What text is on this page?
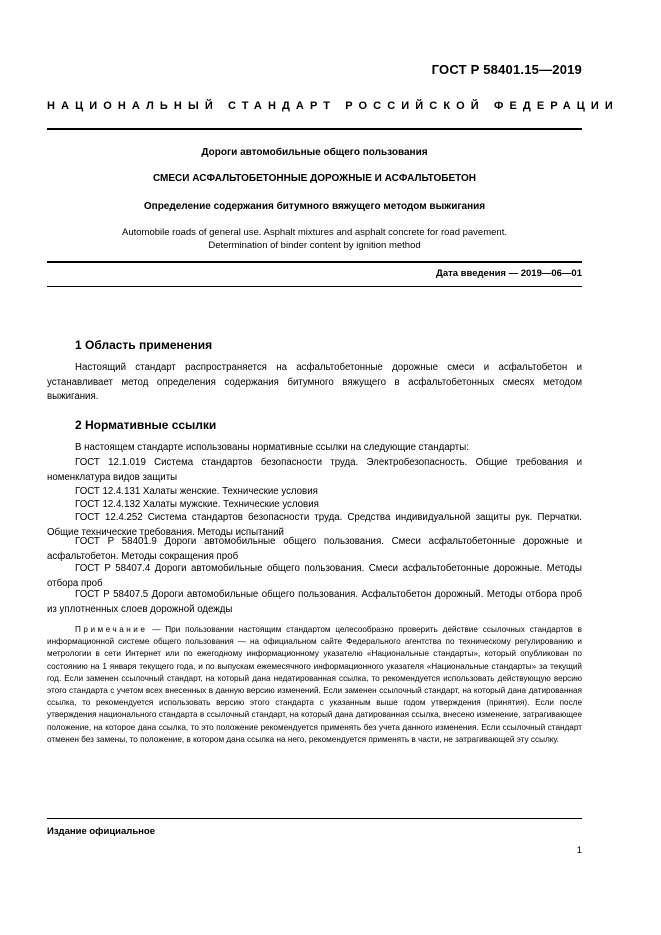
ГОСТ Р 58401.15—2019
НАЦИОНАЛЬНЫЙ СТАНДАРТ РОССИЙСКОЙ ФЕДЕРАЦИИ
Дороги автомобильные общего пользования
СМЕСИ АСФАЛЬТОБЕТОННЫЕ ДОРОЖНЫЕ И АСФАЛЬТОБЕТОН
Определение содержания битумного вяжущего методом выжигания
Automobile roads of general use. Asphalt mixtures and asphalt concrete for road pavement.
Determination of binder content by ignition method
Дата введения — 2019—06—01
1 Область применения
Настоящий стандарт распространяется на асфальтобетонные дорожные смеси и асфальтобетон и устанавливает метод определения содержания битумного вяжущего в асфальтобетонных смесях методом выжигания.
2 Нормативные ссылки
В настоящем стандарте использованы нормативные ссылки на следующие стандарты:
ГОСТ 12.1.019 Система стандартов безопасности труда. Электробезопасность. Общие требования и номенклатура видов защиты
ГОСТ 12.4.131 Халаты женские. Технические условия
ГОСТ 12.4.132 Халаты мужские. Технические условия
ГОСТ 12.4.252 Система стандартов безопасности труда. Средства индивидуальной защиты рук. Перчатки. Общие технические требования. Методы испытаний
ГОСТ Р 58401.9 Дороги автомобильные общего пользования. Смеси асфальтобетонные дорожные и асфальтобетон. Методы сокращения проб
ГОСТ Р 58407.4 Дороги автомобильные общего пользования. Смеси асфальтобетонные дорожные. Методы отбора проб
ГОСТ Р 58407.5 Дороги автомобильные общего пользования. Асфальтобетон дорожный. Методы отбора проб из уплотненных слоев дорожной одежды
Примечание — При пользовании настоящим стандартом целесообразно проверить действие ссылочных стандартов в информационной системе общего пользования — на официальном сайте Федерального агентства по техническому регулированию и метрологии в сети Интернет или по ежегодному информационному указателю «Национальные стандарты», который опубликован по состоянию на 1 января текущего года, и по выпускам ежемесячного информационного указателя «Национальные стандарты» за текущий год. Если заменен ссылочный стандарт, на который дана недатированная ссылка, то рекомендуется использовать действующую версию этого стандарта с учетом всех внесенных в данную версию изменений. Если заменен ссылочный стандарт, на который дана датированная ссылка, то рекомендуется использовать версию этого стандарта с указанным выше годом утверждения (принятия). Если после утверждения национального стандарта в ссылочный стандарт, на который дана датированная ссылка, внесено изменение, затрагивающее положение, на которое дана ссылка, то это положение рекомендуется применять без учета данного изменения. Если ссылочный стандарт отменен без замены, то положение, в котором дана ссылка на него, рекомендуется применять в части, не затрагивающей эту ссылку.
Издание официальное
1
